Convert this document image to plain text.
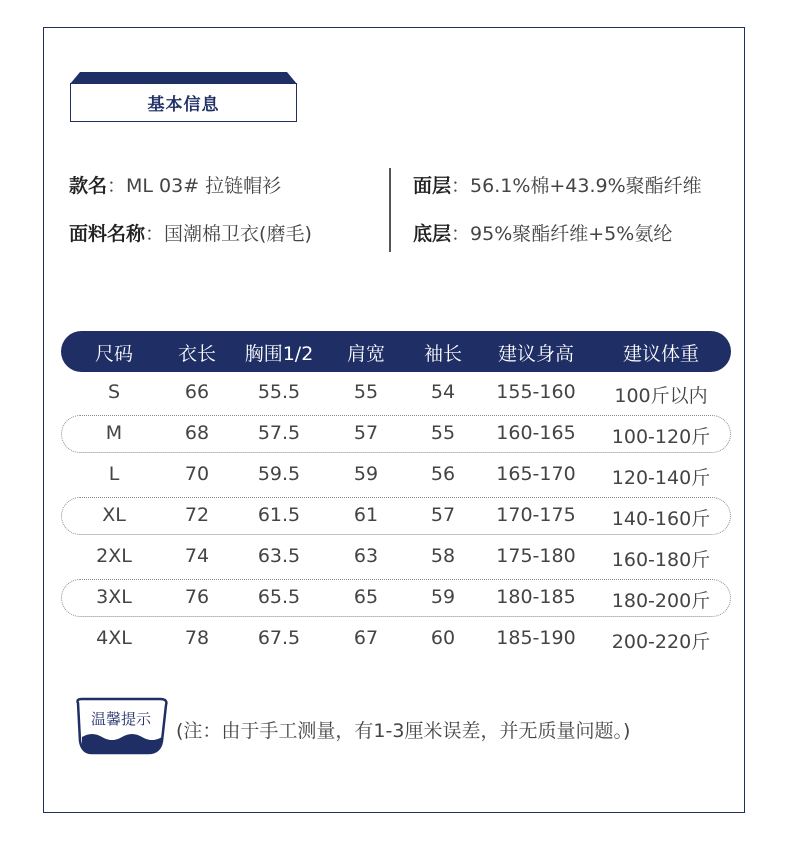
基本信息
款名：ML 03# 拉链帽衫
面料名称：国潮棉卫衣(磨毛)
面层：56.1%棉+43.9%聚酯纤维
底层：95%聚酯纤维+5%氨纶
尺码	衣长	胸围1/2	肩宽	袖长	建议身高	建议体重
S	66	55.5	55	54	155-160	100斤以内
M	68	57.5	57	55	160-165	100-120斤
L	70	59.5	59	56	165-170	120-140斤
XL	72	61.5	61	57	170-175	140-160斤
2XL	74	63.5	63	58	175-180	160-180斤
3XL	76	65.5	65	59	180-185	180-200斤
4XL	78	67.5	67	60	185-190	200-220斤
温馨提示
(注：由于手工测量，有1-3厘米误差，并无质量问题。)
